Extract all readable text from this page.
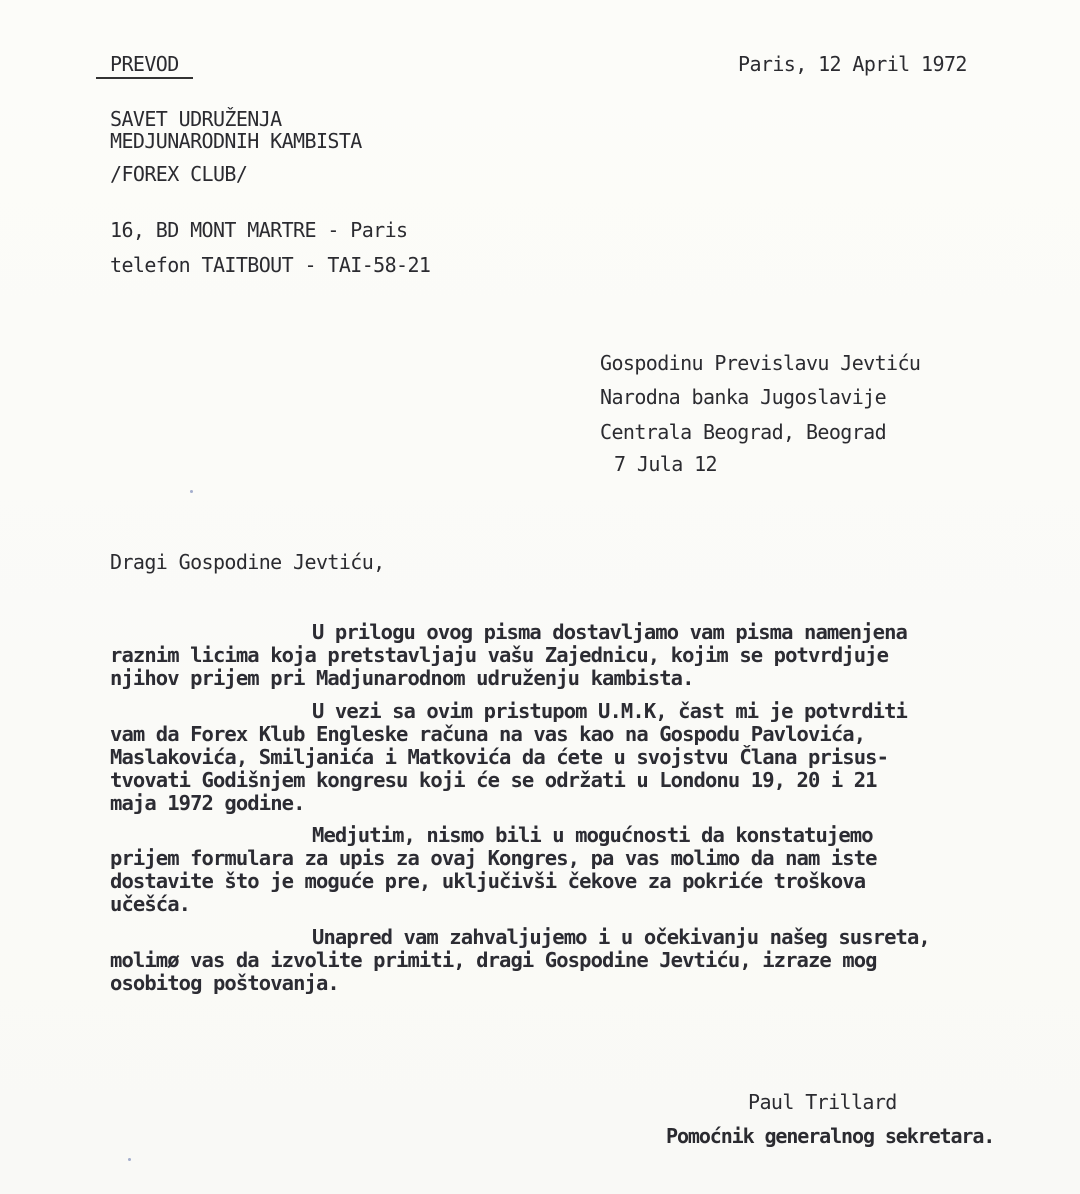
PREVOD	Paris, 12 April 1972
SAVET UDRUŽENJA
MEDJUNARODNIH KAMBISTA
/FOREX CLUB/
16, BD MONT MARTRE - Paris
telefon TAITBOUT - TAI-58-21
Gospodinu Previslavu Jevtiću
Narodna banka Jugoslavije
Centrala Beograd, Beograd
7 Jula 12
Dragi Gospodine Jevtiću,
U prilogu ovog pisma dostavljamo vam pisma namenjena
raznim licima koja pretstavljaju vašu Zajednicu, kojim se potvrdjuje
njihov prijem pri Madjunarodnom udruženju kambista.
U vezi sa ovim pristupom U.M.K, čast mi je potvrditi
vam da Forex Klub Engleske računa na vas kao na Gospodu Pavlovića,
Maslakovića, Smiljanića i Matkovića da ćete u svojstvu Člana prisus-
tvovati Godišnjem kongresu koji će se održati u Londonu 19, 20 i 21
maja 1972 godine.
Medjutim, nismo bili u mogućnosti da konstatujemo
prijem formulara za upis za ovaj Kongres, pa vas molimo da nam iste
dostavite što je moguće pre, uključivši čekove za pokriće troškova
učešća.
Unapred vam zahvaljujemo i u očekivanju našeg susreta,
molimø vas da izvolite primiti, dragi Gospodine Jevtiću, izraze mog
osobitog poštovanja.
Paul Trillard
Pomoćnik generalnog sekretara.
